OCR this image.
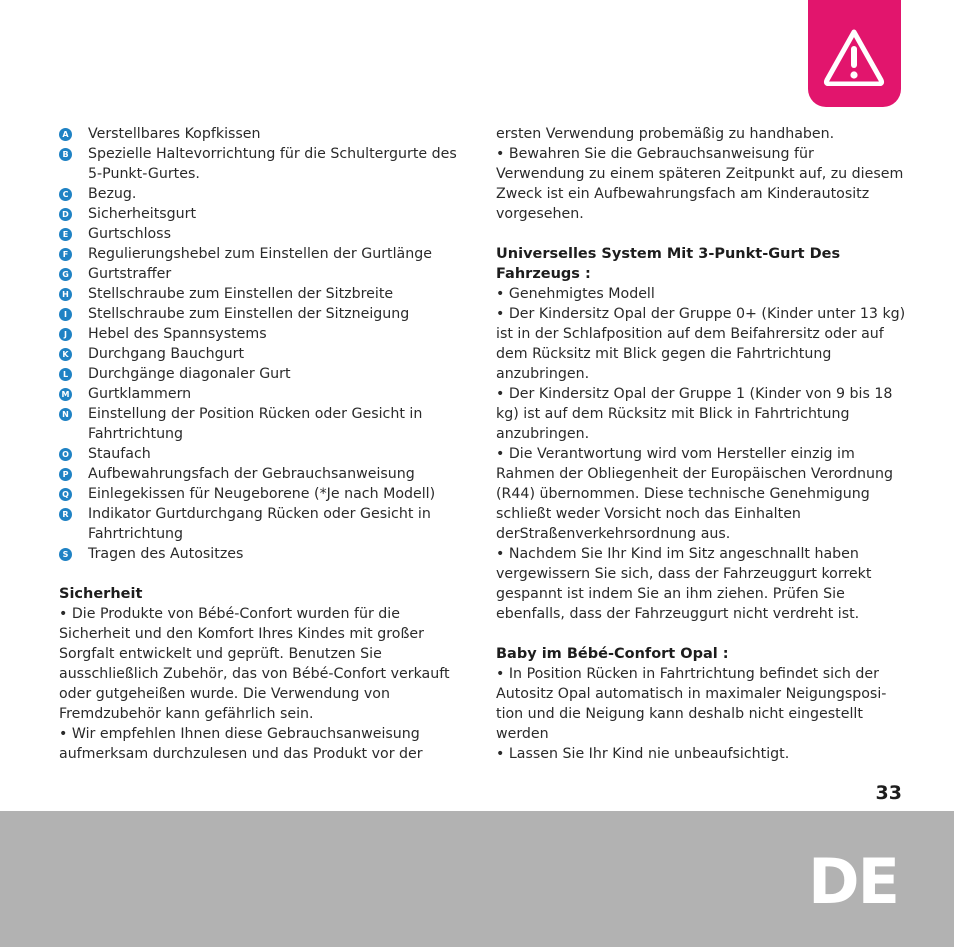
A Verstellbares Kopfkissen
B Spezielle Haltevorrichtung für die Schultergurte des 5-Punkt-Gurtes.
C Bezug.
D Sicherheitsgurt
E Gurtschloss
F Regulierungshebel zum Einstellen der Gurtlänge
G Gurtstraffer
H Stellschraube zum Einstellen der Sitzbreite
I	Stellschraube zum Einstellen der Sitzneigung
J	Hebel des Spannsystems
K Durchgang Bauchgurt
L Durchgänge diagonaler Gurt
M Gurtklammern
N Einstellung der Position Rücken oder Gesicht in Fahrtrichtung
O Staufach
P Aufbewahrungsfach der Gebrauchsanweisung
Q Einlegekissen für Neugeborene (*Je nach Modell)
R Indikator Gurtdurchgang Rücken oder Gesicht in Fahrtrichtung
S Tragen des Autositzes
Sicherheit

• Die Produkte von Bébé-Confort wurden für die Sicherheit und den Komfort Ihres Kindes mit großer Sorgfalt entwickelt und geprüft. Benutzen Sie ausschließlich Zubehör, das von Bébé-Confort verkauft oder gutgeheißen wurde. Die Verwendung von Fremdzubehör kann gefährlich sein.

• Wir empfehlen Ihnen diese Gebrauchsanweisung aufmerksam durchzulesen und das Produkt vor der

ersten Verwendung probemäßig zu handhaben.

• Bewahren Sie die Gebrauchsanweisung für Verwendung zu einem späteren Zeitpunkt auf, zu diesem Zweck ist ein Aufbewahrungsfach am Kinderautositz vorgesehen.

Universelles System Mit 3-Punkt-Gurt Des Fahrzeugs :

• Genehmigtes Modell

• Der Kindersitz Opal der Gruppe 0+ (Kinder unter 13 kg) ist in der Schlafposition auf dem Beifahrersitz oder auf dem Rücksitz mit Blick gegen die Fahrtrichtung anzubringen.

• Der Kindersitz Opal der Gruppe 1 (Kinder von 9 bis 18 kg) ist auf dem Rücksitz mit Blick in Fahrtrichtung anzubringen.

• Die Verantwortung wird vom Hersteller einzig im Rahmen der Obliegenheit der Europäischen Verordnung (R44) übernommen. Diese technische Genehmigung schließt weder Vorsicht noch das Einhalten derStraßenverkehrsordnung aus.

• Nachdem Sie Ihr Kind im Sitz angeschnallt haben vergewissern Sie sich, dass der Fahrzeuggurt korrekt gespannt ist indem Sie an ihm ziehen. Prüfen Sie ebenfalls, dass der Fahrzeuggurt nicht verdreht ist.

Baby im Bébé-Confort Opal :

• In Position Rücken in Fahrtrichtung befindet sich der Autositz Opal automatisch in maximaler Neigungsposi-tion und die Neigung kann deshalb nicht eingestellt werden

• Lassen Sie Ihr Kind nie unbeaufsichtigt.

33
DE
